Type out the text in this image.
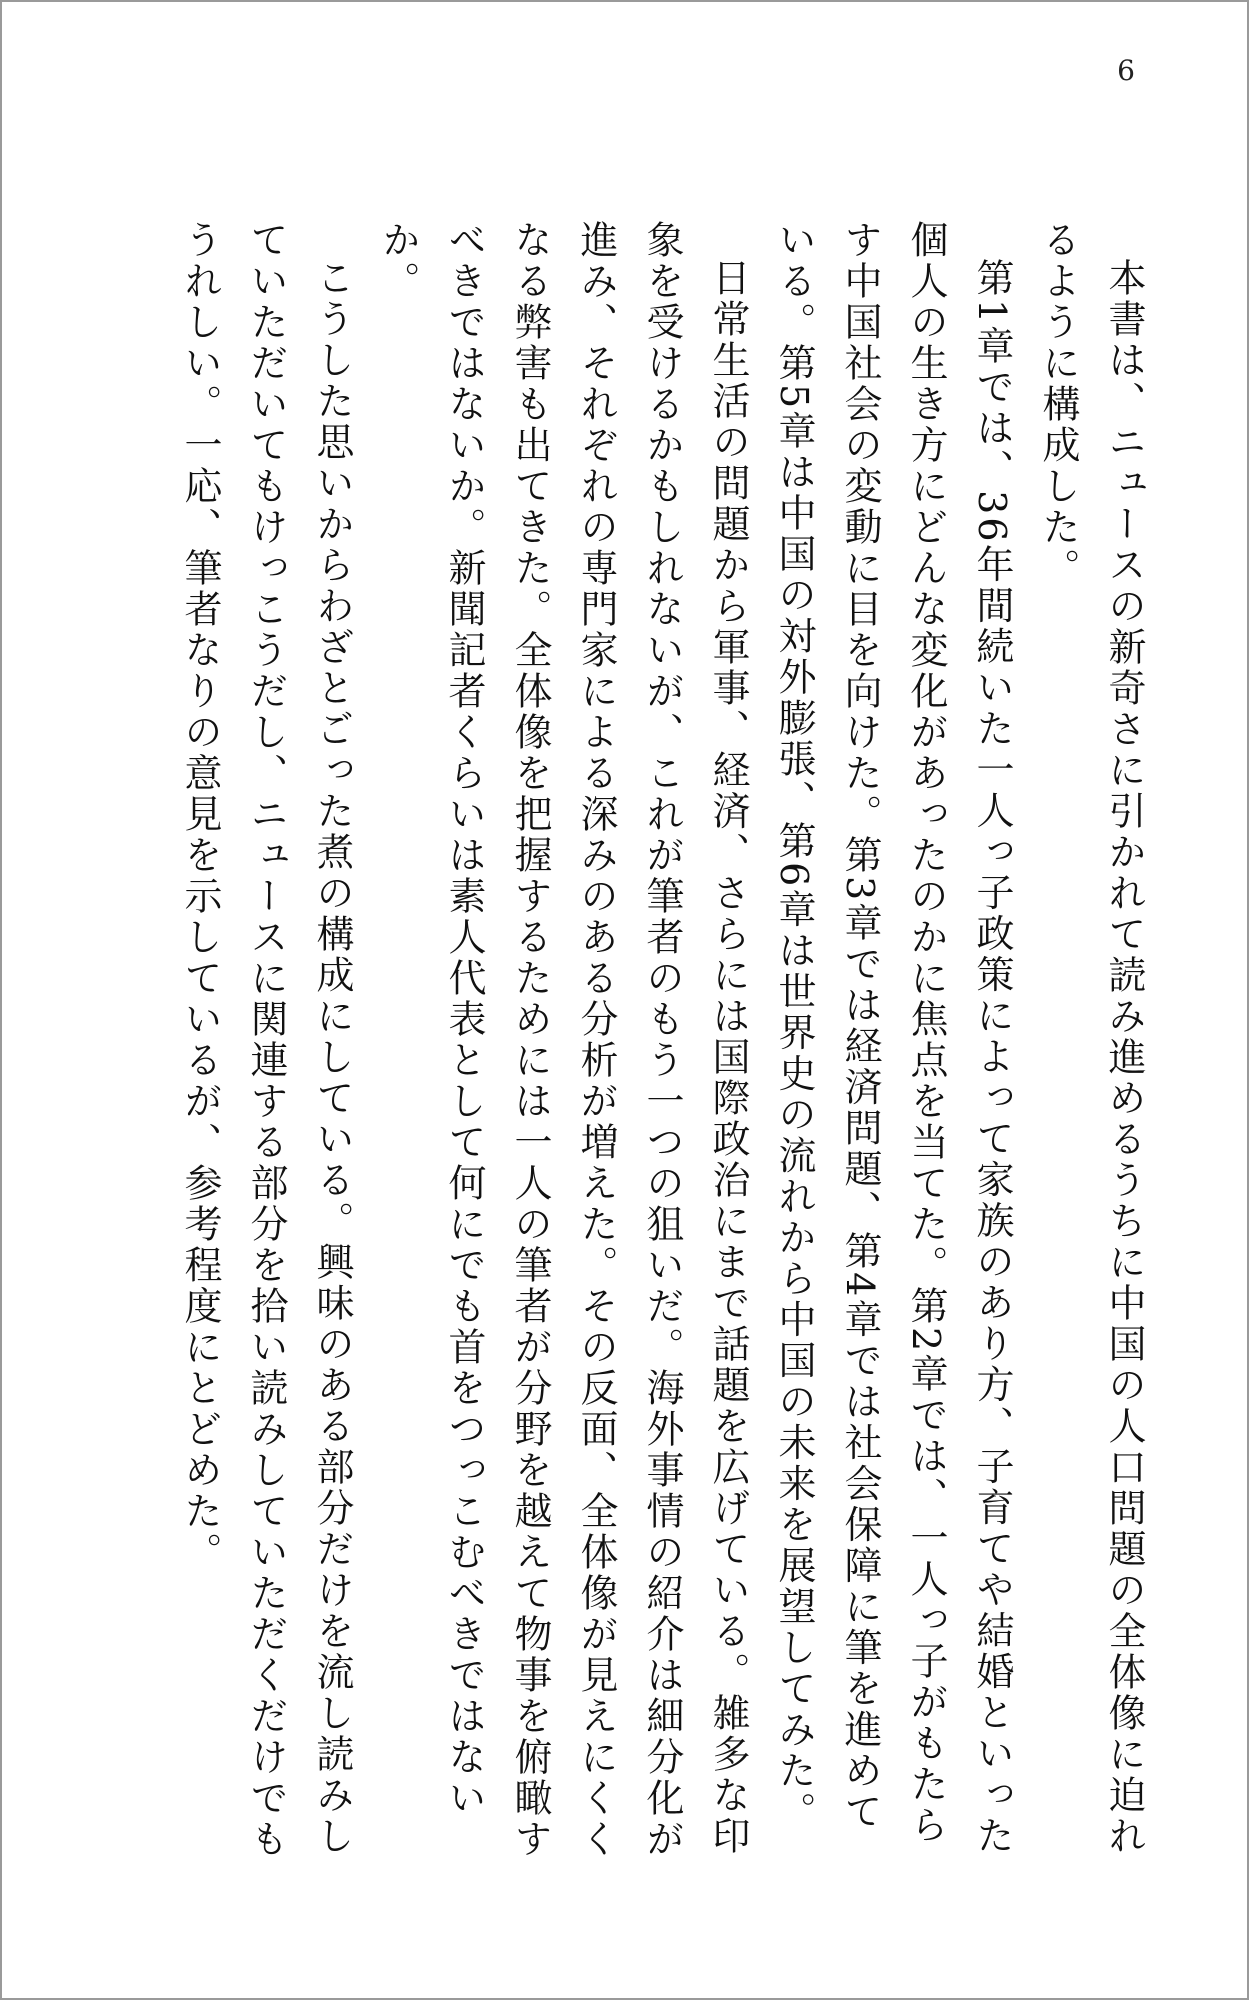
6

本書は、ニュースの新奇さに引かれて読み進めるうちに中国の人口問題の全体像に迫れるように構成した。

第1章では、36年間続いた一人っ子政策によって家族のあり方、子育てや結婚といった個人の生き方にどんな変化があったのかに焦点を当てた。第2章では、一人っ子がもたらす中国社会の変動に目を向けた。第3章では経済問題、第4章では社会保障に筆を進めている。第5章は中国の対外膨張、第6章は世界史の流れから中国の未来を展望してみた。

日常生活の問題から軍事、経済、さらには国際政治にまで話題を広げている。雑多な印象を受けるかもしれないが、これが筆者のもう一つの狙いだ。海外事情の紹介は細分化が進み、それぞれの専門家による深みのある分析が増えた。その反面、全体像が見えにくくなる弊害も出てきた。全体像を把握するためには一人の筆者が分野を越えて物事を俯瞰すべきではないか。新聞記者くらいは素人代表として何にでも首をつっこむべきではないか。

こうした思いからわざとごった煮の構成にしている。興味のある部分だけを流し読みしていただいてもけっこうだし、ニュースに関連する部分を拾い読みしていただくだけでもうれしい。一応、筆者なりの意見を示しているが、参考程度にとどめた。
